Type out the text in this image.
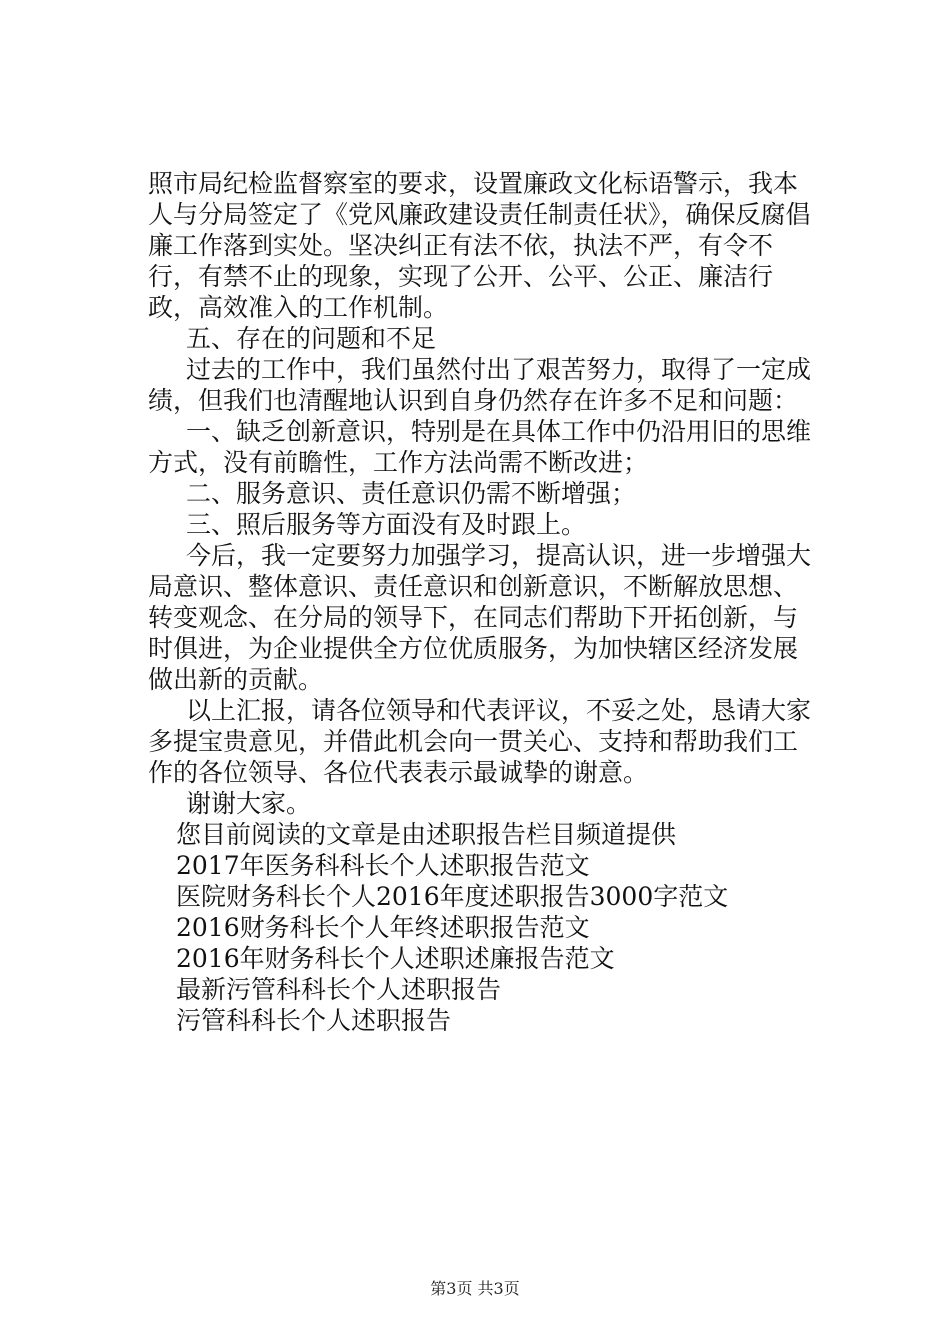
照市局纪检监督察室的要求，设置廉政文化标语警示，我本人与分局签定了《党风廉政建设责任制责任状》，确保反腐倡廉工作落到实处。坚决纠正有法不依，执法不严，有令不行，有禁不止的现象，实现了公开、公平、公正、廉洁行政，高效准入的工作机制。

五、存在的问题和不足

过去的工作中，我们虽然付出了艰苦努力，取得了一定成绩，但我们也清醒地认识到自身仍然存在许多不足和问题：

一、缺乏创新意识，特别是在具体工作中仍沿用旧的思维方式，没有前瞻性，工作方法尚需不断改进；

二、服务意识、责任意识仍需不断增强；

三、照后服务等方面没有及时跟上。

今后，我一定要努力加强学习，提高认识，进一步增强大局意识、整体意识、责任意识和创新意识，不断解放思想、转变观念、在分局的领导下，在同志们帮助下开拓创新，与时俱进，为企业提供全方位优质服务，为加快辖区经济发展做出新的贡献。

以上汇报，请各位领导和代表评议，不妥之处，恳请大家多提宝贵意见，并借此机会向一贯关心、支持和帮助我们工作的各位领导、各位代表表示最诚挚的谢意。

谢谢大家。

您目前阅读的文章是由述职报告栏目频道提供

2017年医务科科长个人述职报告范文

医院财务科长个人2016年度述职报告3000字范文

2016财务科长个人年终述职报告范文

2016年财务科长个人述职述廉报告范文

最新污管科科长个人述职报告

污管科科长个人述职报告

第3页 共3页
